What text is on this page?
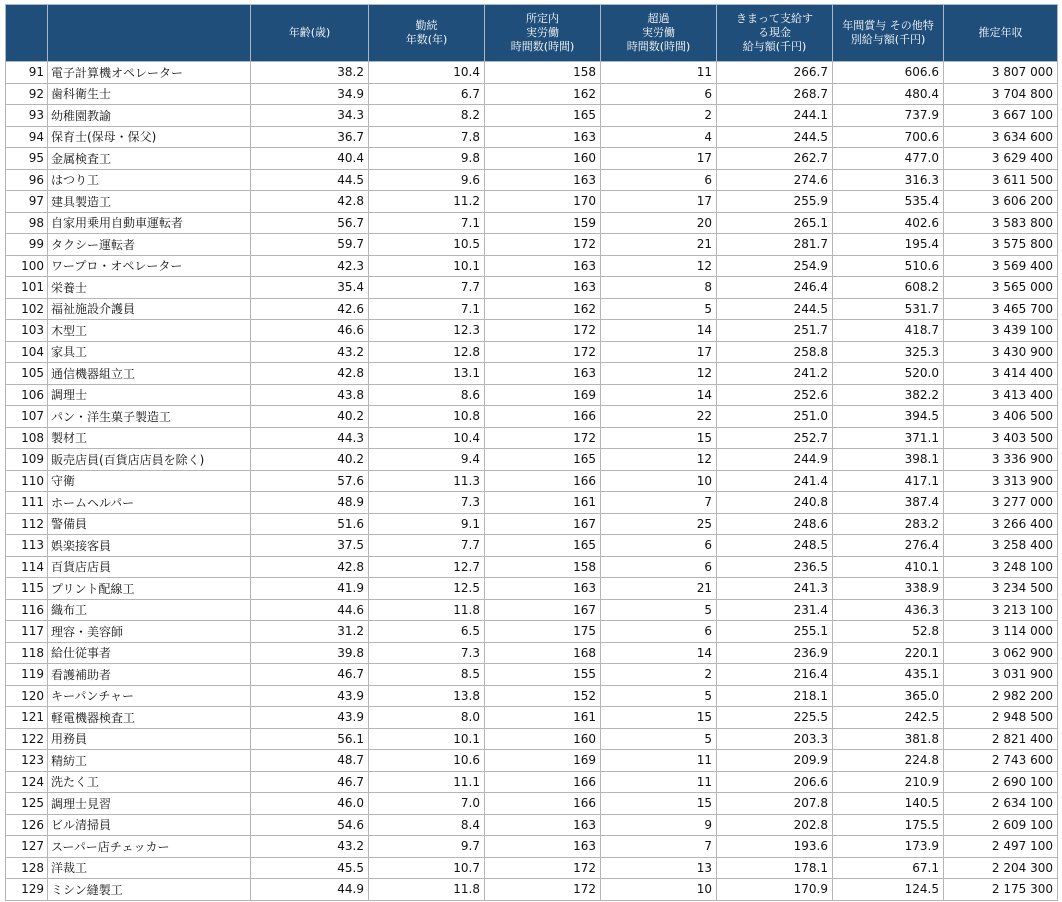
		年齢(歳)	勤続
年数(年)	所定内
実労働
時間数(時間)	超過
実労働
時間数(時間)	きまって支給す
る現金
給与額(千円)	年間賞与 その他特
別給与額(千円)	推定年収
91	電子計算機オペレーター	38.2	10.4	158	11	266.7	606.6	3 807 000
92	歯科衛生士	34.9	6.7	162	6	268.7	480.4	3 704 800
93	幼稚園教諭	34.3	8.2	165	2	244.1	737.9	3 667 100
94	保育士(保母・保父)	36.7	7.8	163	4	244.5	700.6	3 634 600
95	金属検査工	40.4	9.8	160	17	262.7	477.0	3 629 400
96	はつり工	44.5	9.6	163	6	274.6	316.3	3 611 500
97	建具製造工	42.8	11.2	170	17	255.9	535.4	3 606 200
98	自家用乗用自動車運転者	56.7	7.1	159	20	265.1	402.6	3 583 800
99	タクシー運転者	59.7	10.5	172	21	281.7	195.4	3 575 800
100	ワープロ・オペレーター	42.3	10.1	163	12	254.9	510.6	3 569 400
101	栄養士	35.4	7.7	163	8	246.4	608.2	3 565 000
102	福祉施設介護員	42.6	7.1	162	5	244.5	531.7	3 465 700
103	木型工	46.6	12.3	172	14	251.7	418.7	3 439 100
104	家具工	43.2	12.8	172	17	258.8	325.3	3 430 900
105	通信機器組立工	42.8	13.1	163	12	241.2	520.0	3 414 400
106	調理士	43.8	8.6	169	14	252.6	382.2	3 413 400
107	パン・洋生菓子製造工	40.2	10.8	166	22	251.0	394.5	3 406 500
108	製材工	44.3	10.4	172	15	252.7	371.1	3 403 500
109	販売店員(百貨店店員を除く)	40.2	9.4	165	12	244.9	398.1	3 336 900
110	守衛	57.6	11.3	166	10	241.4	417.1	3 313 900
111	ホームヘルパー	48.9	7.3	161	7	240.8	387.4	3 277 000
112	警備員	51.6	9.1	167	25	248.6	283.2	3 266 400
113	娯楽接客員	37.5	7.7	165	6	248.5	276.4	3 258 400
114	百貨店店員	42.8	12.7	158	6	236.5	410.1	3 248 100
115	プリント配線工	41.9	12.5	163	21	241.3	338.9	3 234 500
116	織布工	44.6	11.8	167	5	231.4	436.3	3 213 100
117	理容・美容師	31.2	6.5	175	6	255.1	52.8	3 114 000
118	給仕従事者	39.8	7.3	168	14	236.9	220.1	3 062 900
119	看護補助者	46.7	8.5	155	2	216.4	435.1	3 031 900
120	キーパンチャー	43.9	13.8	152	5	218.1	365.0	2 982 200
121	軽電機器検査工	43.9	8.0	161	15	225.5	242.5	2 948 500
122	用務員	56.1	10.1	160	5	203.3	381.8	2 821 400
123	精紡工	48.7	10.6	169	11	209.9	224.8	2 743 600
124	洗たく工	46.7	11.1	166	11	206.6	210.9	2 690 100
125	調理士見習	46.0	7.0	166	15	207.8	140.5	2 634 100
126	ビル清掃員	54.6	8.4	163	9	202.8	175.5	2 609 100
127	スーパー店チェッカー	43.2	9.7	163	7	193.6	173.9	2 497 100
128	洋裁工	45.5	10.7	172	13	178.1	67.1	2 204 300
129	ミシン縫製工	44.9	11.8	172	10	170.9	124.5	2 175 300
